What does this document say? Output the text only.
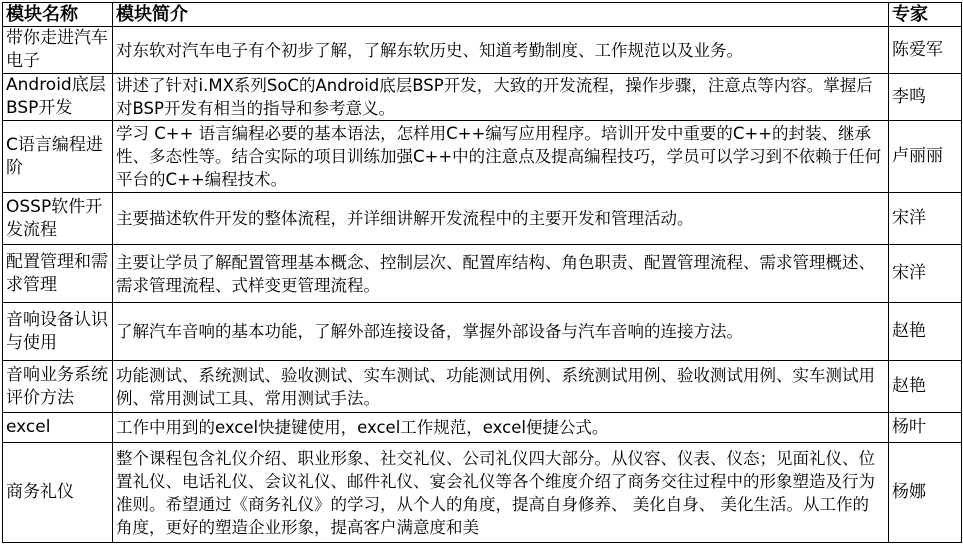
模块名称	模块简介	专家
带你走进汽车电子	对东软对汽车电子有个初步了解，了解东软历史、知道考勤制度、工作规范以及业务。	陈爱军
Android底层BSP开发	讲述了针对i.MX系列SoC的Android底层BSP开发，大致的开发流程，操作步骤，注意点等内容。掌握后对BSP开发有相当的指导和参考意义。	李鸣
C语言编程进阶	学习 C++ 语言编程必要的基本语法，怎样用C++编写应用程序。培训开发中重要的C++的封装、继承性、多态性等。结合实际的项目训练加强C++中的注意点及提高编程技巧，学员可以学习到不依赖于任何平台的C++编程技术。	卢丽丽
OSSP软件开发流程	主要描述软件开发的整体流程，并详细讲解开发流程中的主要开发和管理活动。	宋洋
配置管理和需求管理	主要让学员了解配置管理基本概念、控制层次、配置库结构、角色职责、配置管理流程、需求管理概述、需求管理流程、式样变更管理流程。	宋洋
音响设备认识与使用	了解汽车音响的基本功能，了解外部连接设备，掌握外部设备与汽车音响的连接方法。	赵艳
音响业务系统评价方法	功能测试、系统测试、验收测试、实车测试、功能测试用例、系统测试用例、验收测试用例、实车测试用例、常用测试工具、常用测试手法。	赵艳
excel	工作中用到的excel快捷键使用，excel工作规范，excel便捷公式。	杨叶
商务礼仪	整个课程包含礼仪介绍、职业形象、社交礼仪、公司礼仪四大部分。从仪容、仪表、仪态；见面礼仪、位置礼仪、电话礼仪、会议礼仪、邮件礼仪、宴会礼仪等各个维度介绍了商务交往过程中的形象塑造及行为准则。希望通过《商务礼仪》的学习，从个人的角度，提高自身修养、 美化自身、 美化生活。从工作的角度，更好的塑造企业形象，提高客户满意度和美	杨娜
